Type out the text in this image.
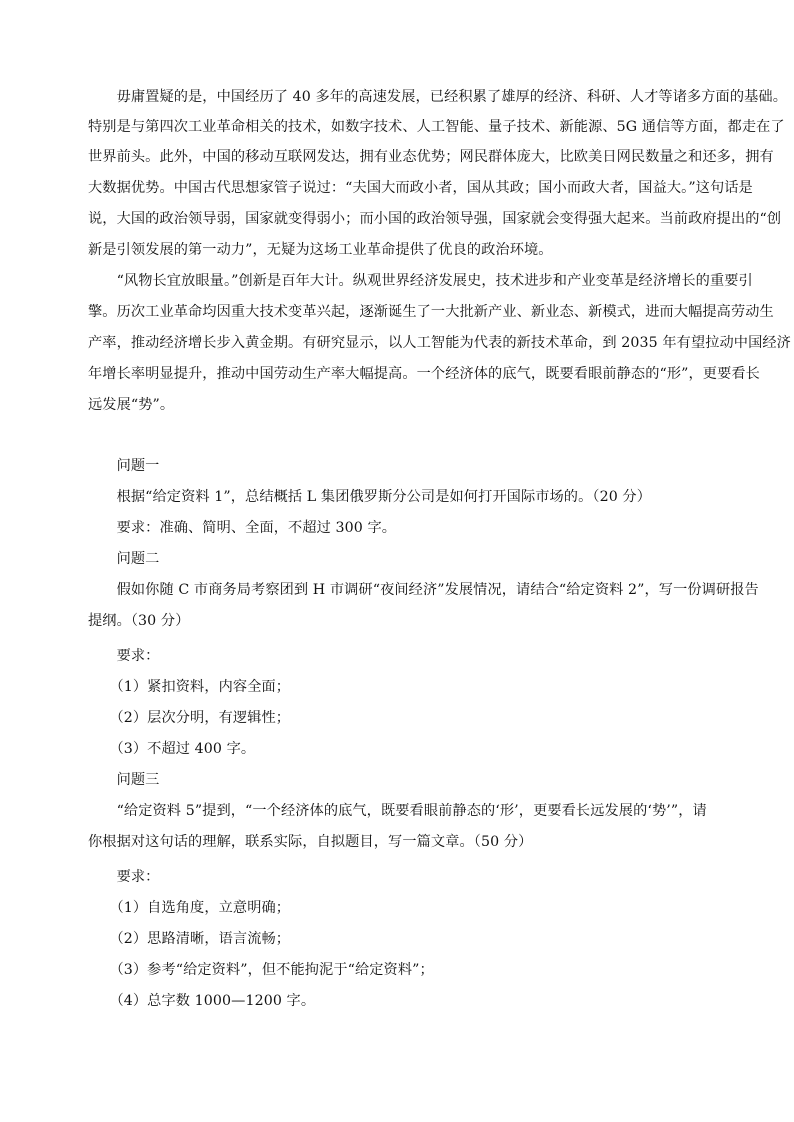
　　毋庸置疑的是，中国经历了 40 多年的高速发展，已经积累了雄厚的经济、科研、人才等诸多方面的基础。
特别是与第四次工业革命相关的技术，如数字技术、人工智能、量子技术、新能源、5G 通信等方面，都走在了
世界前头。此外，中国的移动互联网发达，拥有业态优势；网民群体庞大，比欧美日网民数量之和还多，拥有
大数据优势。中国古代思想家管子说过：“夫国大而政小者，国从其政；国小而政大者，国益大。”这句话是
说，大国的政治领导弱，国家就变得弱小；而小国的政治领导强，国家就会变得强大起来。当前政府提出的“创
新是引领发展的第一动力”，无疑为这场工业革命提供了优良的政治环境。
　　“风物长宜放眼量。”创新是百年大计。纵观世界经济发展史，技术进步和产业变革是经济增长的重要引
擎。历次工业革命均因重大技术变革兴起，逐渐诞生了一大批新产业、新业态、新模式，进而大幅提高劳动生
产率，推动经济增长步入黄金期。有研究显示，以人工智能为代表的新技术革命，到 2035 年有望拉动中国经济
年增长率明显提升，推动中国劳动生产率大幅提高。一个经济体的底气，既要看眼前静态的“形”，更要看长
远发展“势”。
　　问题一
　　根据“给定资料 1”，总结概括 L 集团俄罗斯分公司是如何打开国际市场的。（20 分）
　　要求：准确、简明、全面，不超过 300 字。
　　问题二
　　假如你随 C 市商务局考察团到 H 市调研“夜间经济”发展情况，请结合“给定资料 2”，写一份调研报告
提纲。（30 分）
　　要求：
　　（1）紧扣资料，内容全面；
　　（2）层次分明，有逻辑性；
　　（3）不超过 400 字。
　　问题三
　　“给定资料 5”提到，“一个经济体的底气，既要看眼前静态的‘形’，更要看长远发展的‘势’”，请
你根据对这句话的理解，联系实际，自拟题目，写一篇文章。（50 分）
　　要求：
　　（1）自选角度，立意明确；
　　（2）思路清晰，语言流畅；
　　（3）参考“给定资料”，但不能拘泥于“给定资料”；
　　（4）总字数 1000—1200 字。
